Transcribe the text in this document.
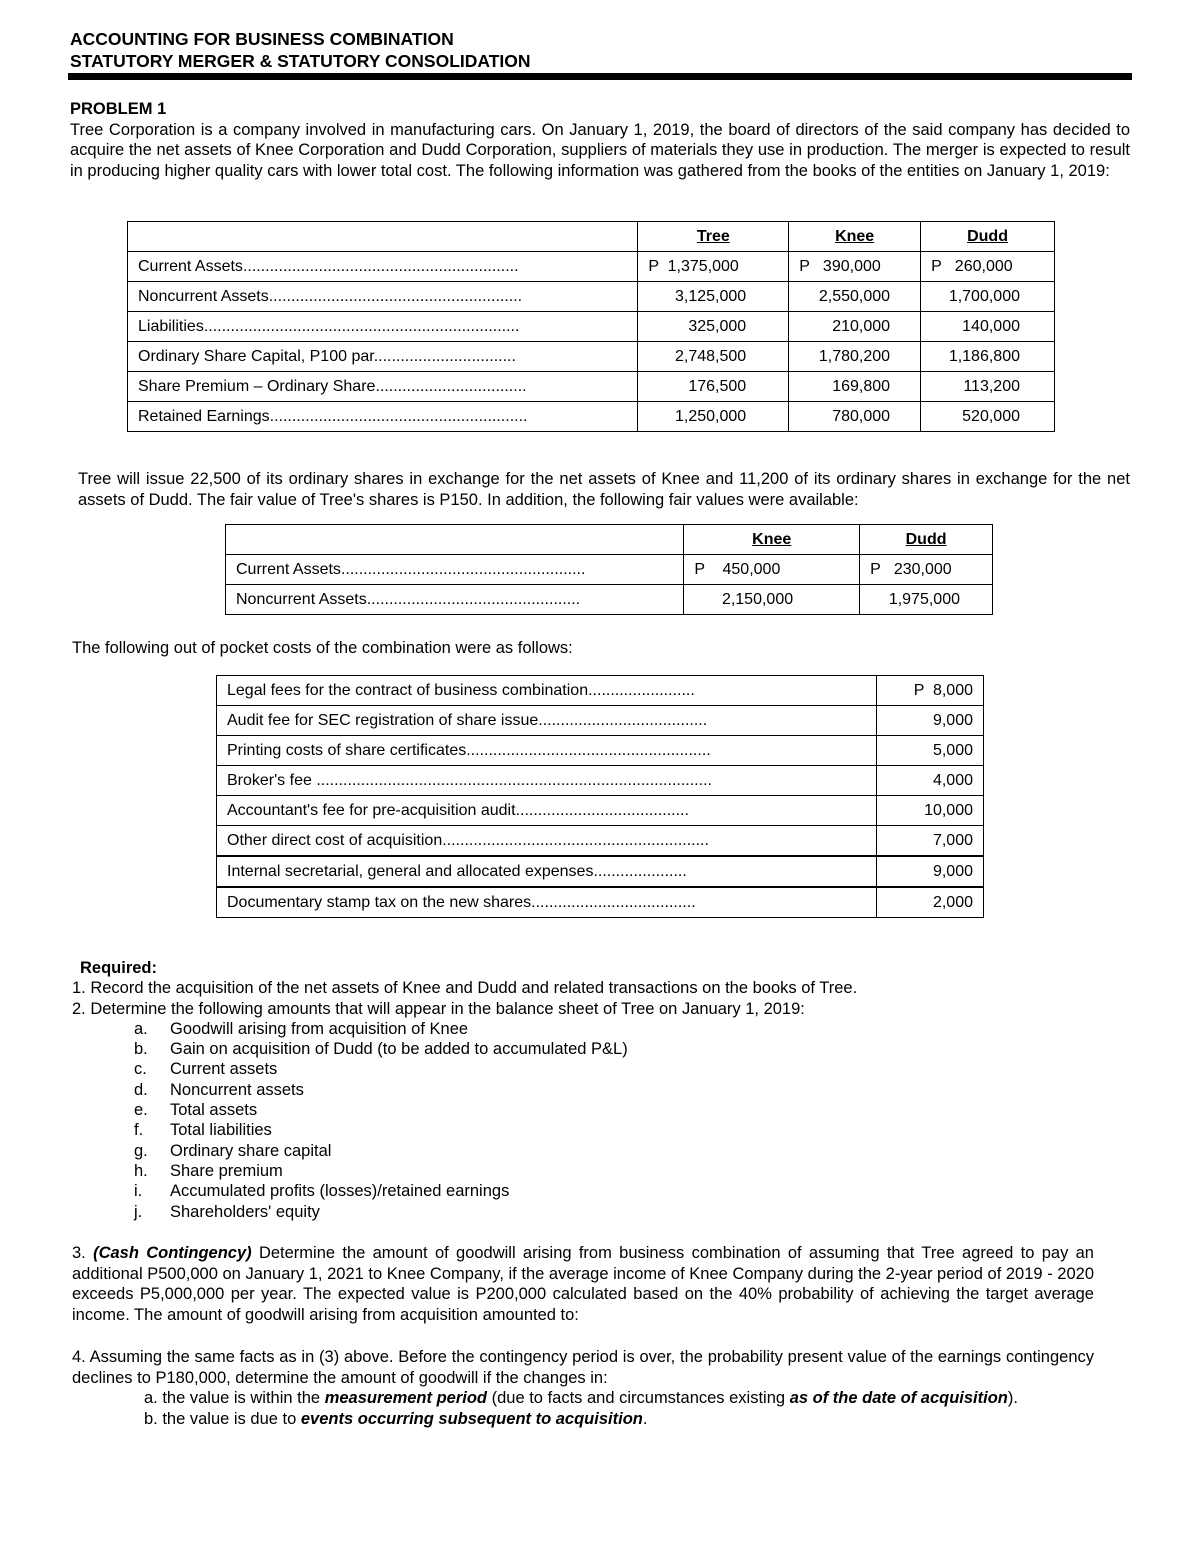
ACCOUNTING FOR BUSINESS COMBINATION
STATUTORY MERGER & STATUTORY CONSOLIDATION
PROBLEM 1
Tree Corporation is a company involved in manufacturing cars. On January 1, 2019, the board of directors of the said company has decided to acquire the net assets of Knee Corporation and Dudd Corporation, suppliers of materials they use in production. The merger is expected to result in producing higher quality cars with lower total cost. The following information was gathered from the books of the entities on January 1, 2019:
	Tree	Knee	Dudd
Current Assets..............................................................	P  1,375,000	P   390,000	P   260,000
Noncurrent Assets.........................................................	3,125,000	2,550,000	1,700,000
Liabilities.......................................................................	325,000	210,000	140,000
Ordinary Share Capital, P100 par................................	2,748,500	1,780,200	1,186,800
Share Premium – Ordinary Share..................................	176,500	169,800	113,200
Retained Earnings..........................................................	1,250,000	780,000	520,000
Tree will issue 22,500 of its ordinary shares in exchange for the net assets of Knee and 11,200 of its ordinary shares in exchange for the net assets of Dudd. The fair value of Tree's shares is P150. In addition, the following fair values were available:
	Knee	Dudd
Current Assets.......................................................	P    450,000	P   230,000
Noncurrent Assets................................................	2,150,000	1,975,000
The following out of pocket costs of the combination were as follows:
Legal fees for the contract of business combination........................	P  8,000
Audit fee for SEC registration of share issue......................................	9,000
Printing costs of share certificates.......................................................	5,000
Broker's fee .........................................................................................	4,000
Accountant's fee for pre-acquisition audit.......................................	10,000
Other direct cost of acquisition............................................................	7,000
Internal secretarial, general and allocated expenses.....................	9,000
Documentary stamp tax on the new shares.....................................	2,000
Required:
1. Record the acquisition of the net assets of Knee and Dudd and related transactions on the books of Tree.
2. Determine the following amounts that will appear in the balance sheet of Tree on January 1, 2019:
a. Goodwill arising from acquisition of Knee
b. Gain on acquisition of Dudd (to be added to accumulated P&L)
c. Current assets
d. Noncurrent assets
e. Total assets
f. Total liabilities
g. Ordinary share capital
h. Share premium
i. Accumulated profits (losses)/retained earnings
j. Shareholders' equity
3. (Cash Contingency) Determine the amount of goodwill arising from business combination of assuming that Tree agreed to pay an additional P500,000 on January 1, 2021 to Knee Company, if the average income of Knee Company during the 2-year period of 2019 - 2020 exceeds P5,000,000 per year. The expected value is P200,000 calculated based on the 40% probability of achieving the target average income. The amount of goodwill arising from acquisition amounted to:
4. Assuming the same facts as in (3) above. Before the contingency period is over, the probability present value of the earnings contingency declines to P180,000, determine the amount of goodwill if the changes in:
a. the value is within the measurement period (due to facts and circumstances existing as of the date of acquisition).
b. the value is due to events occurring subsequent to acquisition.
